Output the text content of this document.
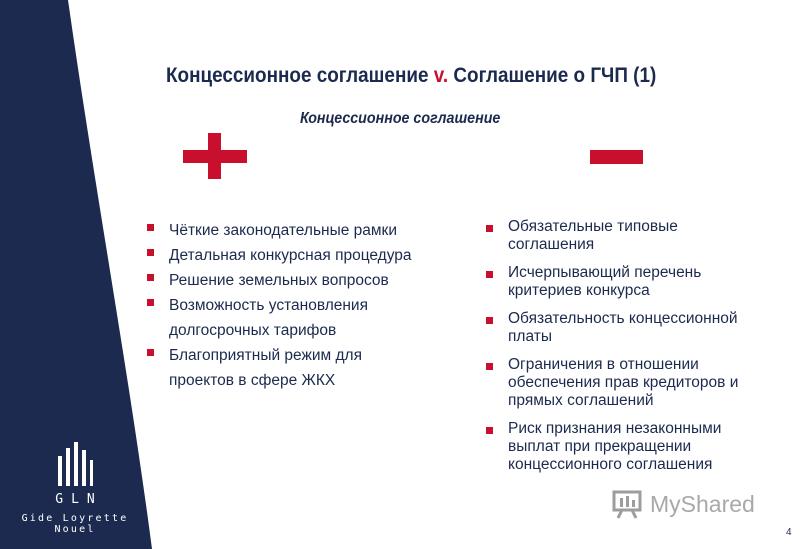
GLN
Gide Loyrette Nouel
Концессионное соглашение v. Соглашение о ГЧП (1)
Концессионное соглашение
Чёткие законодательные рамки
Детальная конкурсная процедура
Решение земельных вопросов
Возможность установления
долгосрочных тарифов
Благоприятный режим для
проектов в сфере ЖКХ
Обязательные типовые
соглашения
Исчерпывающий перечень
критериев конкурса
Обязательность концессионной
платы
Ограничения в отношении
обеспечения прав кредиторов и
прямых соглашений
Риск признания незаконными
выплат при прекращении
концессионного соглашения
MyShared
4
